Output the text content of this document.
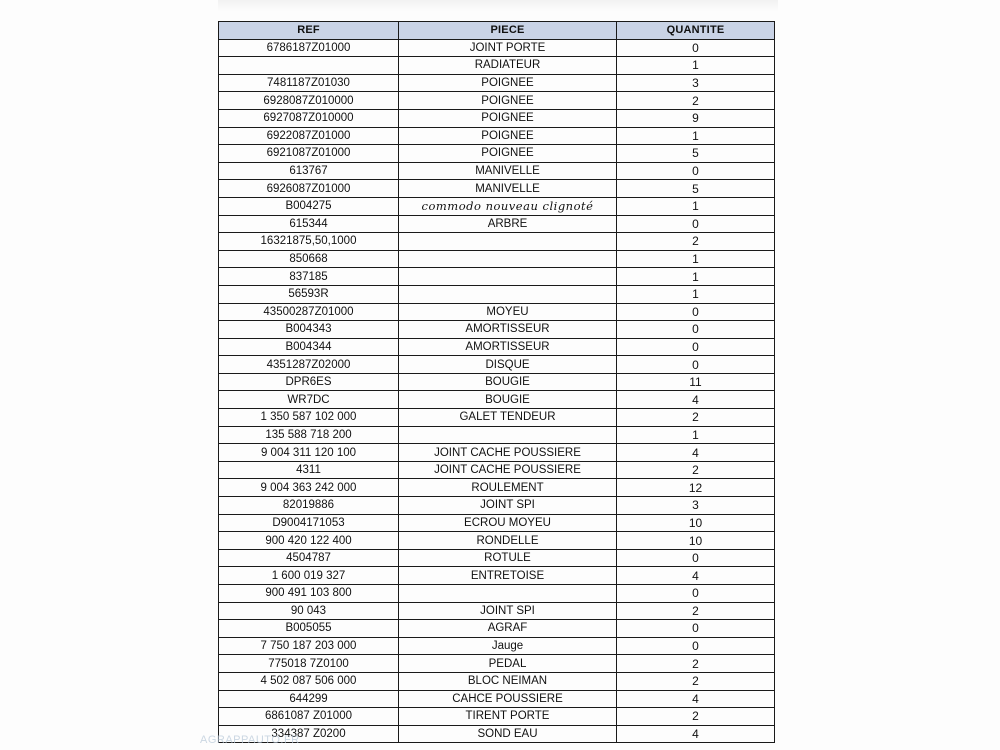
REF	PIECE	QUANTITE
6786187Z01000	JOINT PORTE	0
	RADIATEUR	1
7481187Z01030	POIGNEE	3
6928087Z010000	POIGNEE	2
6927087Z010000	POIGNEE	9
6922087Z01000	POIGNEE	1
6921087Z01000	POIGNEE	5
613767	MANIVELLE	0
6926087Z01000	MANIVELLE	5
B004275	commodo nouveau clignoté	1
615344	ARBRE	0
16321875,50,1000		2
850668		1
837185		1
56593R		1
43500287Z01000	MOYEU	0
B004343	AMORTISSEUR	0
B004344	AMORTISSEUR	0
4351287Z02000	DISQUE	0
DPR6ES	BOUGIE	11
WR7DC	BOUGIE	4
1 350 587 102 000	GALET TENDEUR	2
135 588 718 200		1
9 004 311 120 100	JOINT CACHE POUSSIERE	4
4311	JOINT CACHE POUSSIERE	2
9 004 363 242 000	ROULEMENT	12
82019886	JOINT SPI	3
D9004171053	ECROU MOYEU	10
900 420 122 400	RONDELLE	10
4504787	ROTULE	0
1 600 019 327	ENTRETOISE	4
900 491 103 800		0
90 043	JOINT SPI	2
B005055	AGRAF	0
7 750 187 203 000	Jauge	0
775018 7Z0100	PEDAL	2
4 502 087 506 000	BLOC NEIMAN	2
644299	CAHCE POUSSIERE	4
6861087 Z01000	TIRENT PORTE	2
334387 Z0200	SOND EAU	4
AGRAPPAUTO.FR
